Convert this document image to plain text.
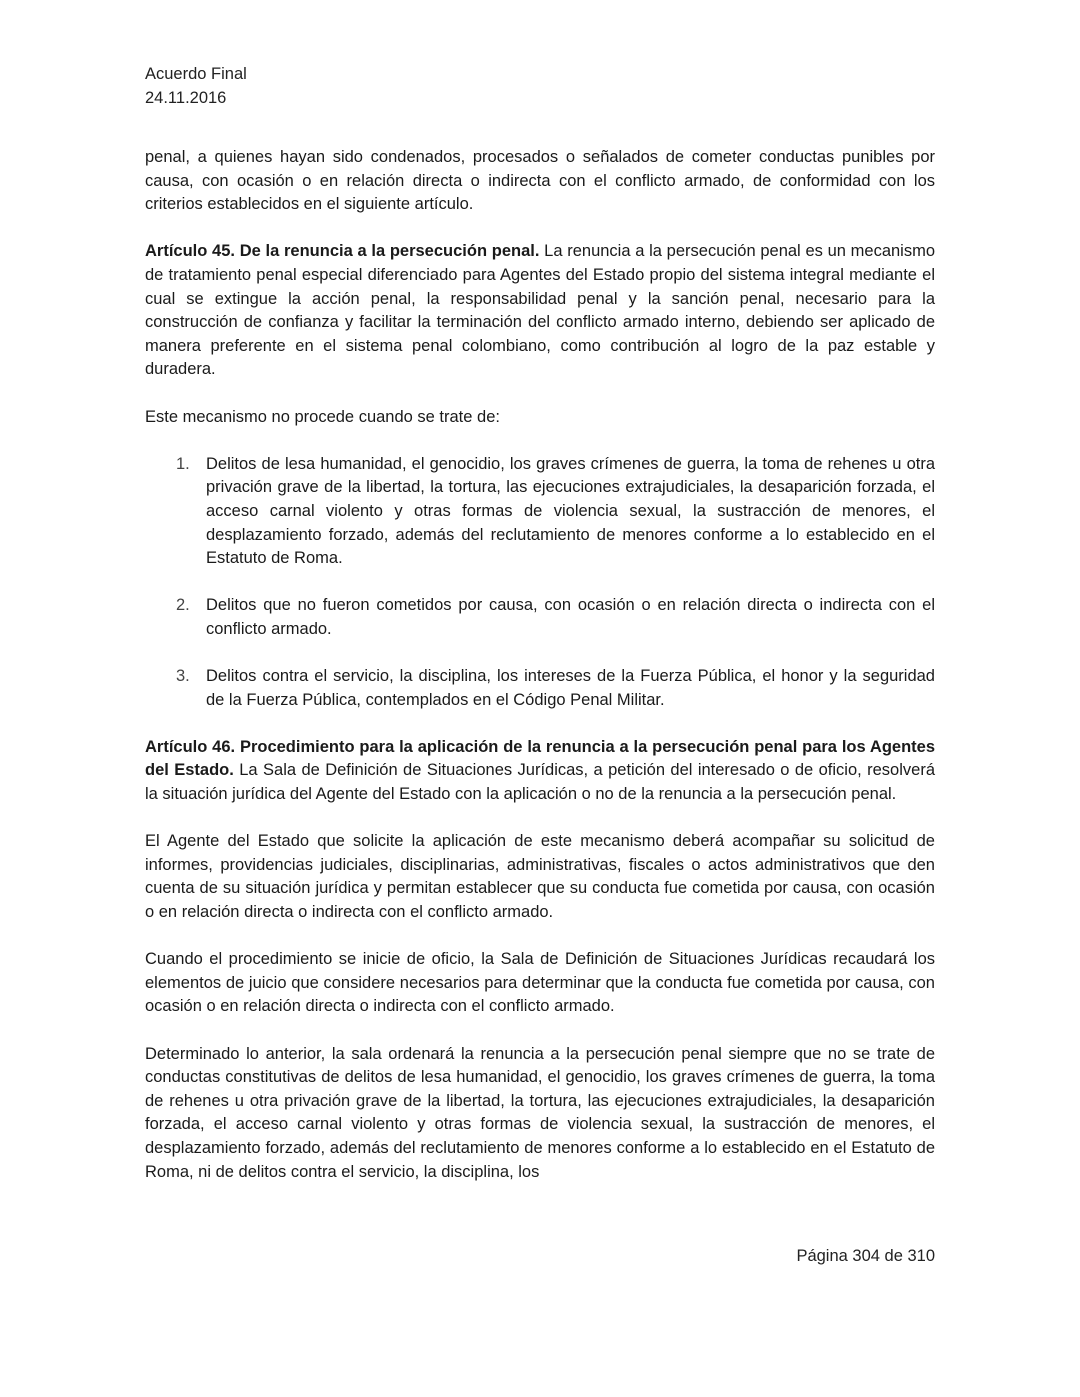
Acuerdo Final
24.11.2016

penal, a quienes hayan sido condenados, procesados o señalados de cometer conductas punibles por causa, con ocasión o en relación directa o indirecta con el conflicto armado, de conformidad con los criterios establecidos en el siguiente artículo.

Artículo 45. De la renuncia a la persecución penal. La renuncia a la persecución penal es un mecanismo de tratamiento penal especial diferenciado para Agentes del Estado propio del sistema integral mediante el cual se extingue la acción penal, la responsabilidad penal y la sanción penal, necesario para la construcción de confianza y facilitar la terminación del conflicto armado interno, debiendo ser aplicado de manera preferente en el sistema penal colombiano, como contribución al logro de la paz estable y duradera.

Este mecanismo no procede cuando se trate de:

1. Delitos de lesa humanidad, el genocidio, los graves crímenes de guerra, la toma de rehenes u otra privación grave de la libertad, la tortura, las ejecuciones extrajudiciales, la desaparición forzada, el acceso carnal violento y otras formas de violencia sexual, la sustracción de menores, el desplazamiento forzado, además del reclutamiento de menores conforme a lo establecido en el Estatuto de Roma.
2. Delitos que no fueron cometidos por causa, con ocasión o en relación directa o indirecta con el conflicto armado.
3. Delitos contra el servicio, la disciplina, los intereses de la Fuerza Pública, el honor y la seguridad de la Fuerza Pública, contemplados en el Código Penal Militar.

Artículo 46. Procedimiento para la aplicación de la renuncia a la persecución penal para los Agentes del Estado. La Sala de Definición de Situaciones Jurídicas, a petición del interesado o de oficio, resolverá la situación jurídica del Agente del Estado con la aplicación o no de la renuncia a la persecución penal.

El Agente del Estado que solicite la aplicación de este mecanismo deberá acompañar su solicitud de informes, providencias judiciales, disciplinarias, administrativas, fiscales o actos administrativos que den cuenta de su situación jurídica y permitan establecer que su conducta fue cometida por causa, con ocasión o en relación directa o indirecta con el conflicto armado.

Cuando el procedimiento se inicie de oficio, la Sala de Definición de Situaciones Jurídicas recaudará los elementos de juicio que considere necesarios para determinar que la conducta fue cometida por causa, con ocasión o en relación directa o indirecta con el conflicto armado.

Determinado lo anterior, la sala ordenará la renuncia a la persecución penal siempre que no se trate de conductas constitutivas de delitos de lesa humanidad, el genocidio, los graves crímenes de guerra, la toma de rehenes u otra privación grave de la libertad, la tortura, las ejecuciones extrajudiciales, la desaparición forzada, el acceso carnal violento y otras formas de violencia sexual, la sustracción de menores, el desplazamiento forzado, además del reclutamiento de menores conforme a lo establecido en el Estatuto de Roma, ni de delitos contra el servicio, la disciplina, los

Página 304 de 310
